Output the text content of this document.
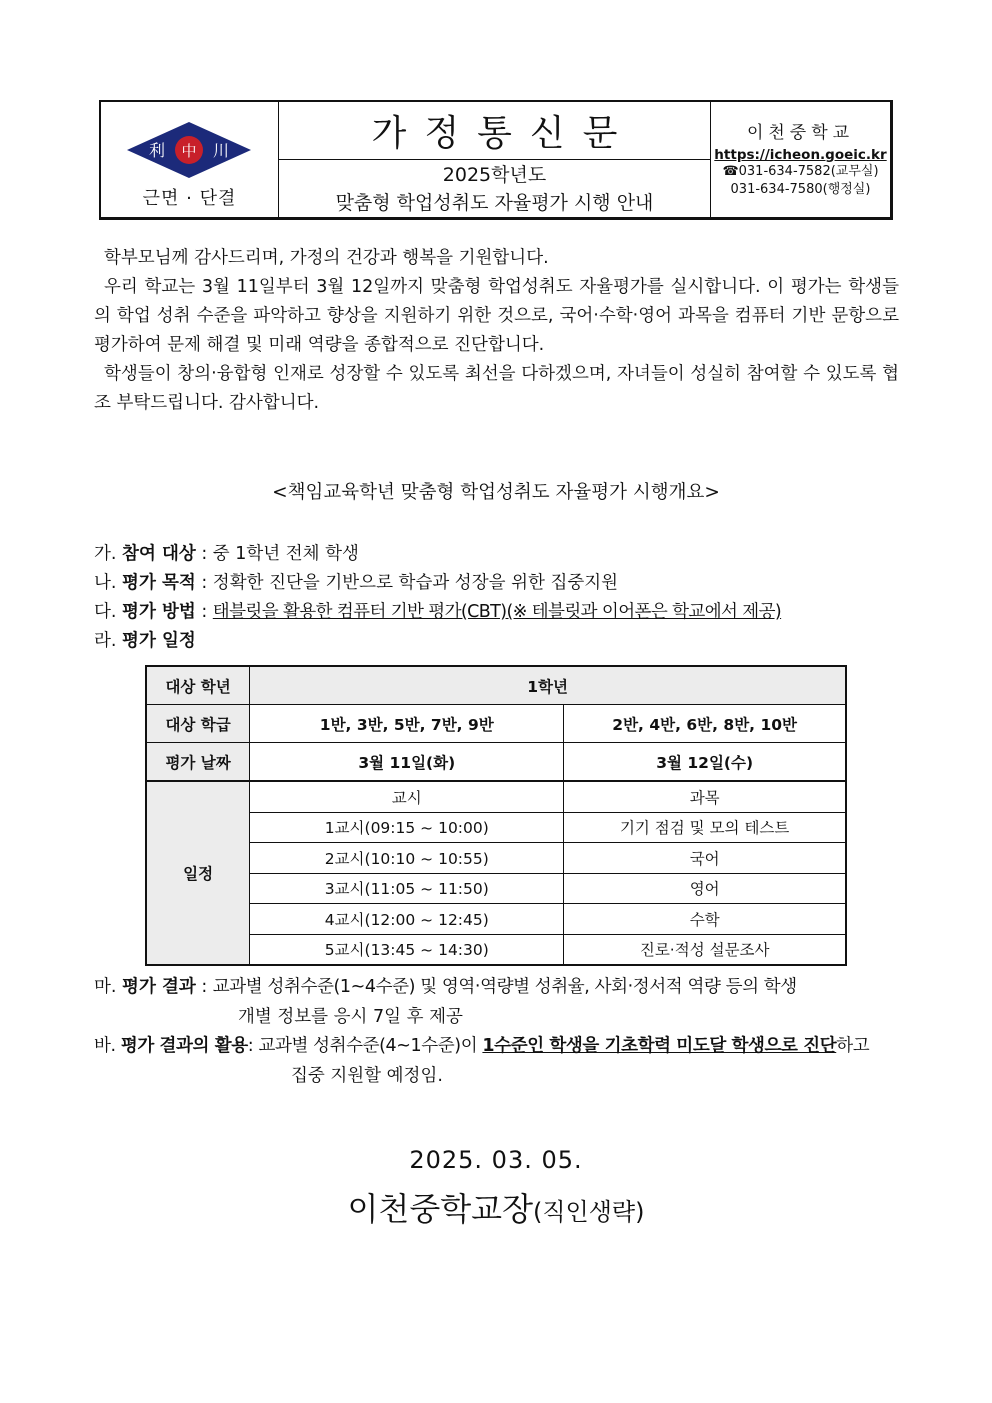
利 中 川
근면 · 단결
가정통신문
2025학년도
맞춤형 학업성취도 자율평가 시행 안내
이천중학교
https://icheon.goeic.kr
☎031-634-7582(교무실)
031-634-7580(행정실)
학부모님께 감사드리며, 가정의 건강과 행복을 기원합니다.
우리 학교는 3월 11일부터 3월 12일까지 맞춤형 학업성취도 자율평가를 실시합니다. 이 평가는 학생들의 학업 성취 수준을 파악하고 향상을 지원하기 위한 것으로, 국어‧수학‧영어 과목을 컴퓨터 기반 문항으로 평가하여 문제 해결 및 미래 역량을 종합적으로 진단합니다.
학생들이 창의‧융합형 인재로 성장할 수 있도록 최선을 다하겠으며, 자녀들이 성실히 참여할 수 있도록 협조 부탁드립니다. 감사합니다.
<책임교육학년 맞춤형 학업성취도 자율평가 시행개요>
가. 참여 대상 : 중 1학년 전체 학생
나. 평가 목적 : 정확한 진단을 기반으로 학습과 성장을 위한 집중지원
다. 평가 방법 : 태블릿을 활용한 컴퓨터 기반 평가(CBT)(※ 테블릿과 이어폰은 학교에서 제공)
라. 평가 일정
대상 학년	1학년	
대상 학급	1반, 3반, 5반, 7반, 9반	2반, 4반, 6반, 8반, 10반
평가 날짜	3월 11일(화)	3월 12일(수)
일정	교시	과목
	1교시(09:15 ~ 10:00)	기기 점검 및 모의 테스트
	2교시(10:10 ~ 10:55)	국어
	3교시(11:05 ~ 11:50)	영어
	4교시(12:00 ~ 12:45)	수학
	5교시(13:45 ~ 14:30)	진로‧적성 설문조사
마. 평가 결과 : 교과별 성취수준(1~4수준) 및 영역‧역량별 성취율, 사회‧정서적 역량 등의 학생
개별 정보를 응시 7일 후 제공
바. 평가 결과의 활용: 교과별 성취수준(4~1수준)이 1수준인 학생을 기초학력 미도달 학생으로 진단하고
집중 지원할 예정임.
2025. 03. 05.
이천중학교장(직인생략)
